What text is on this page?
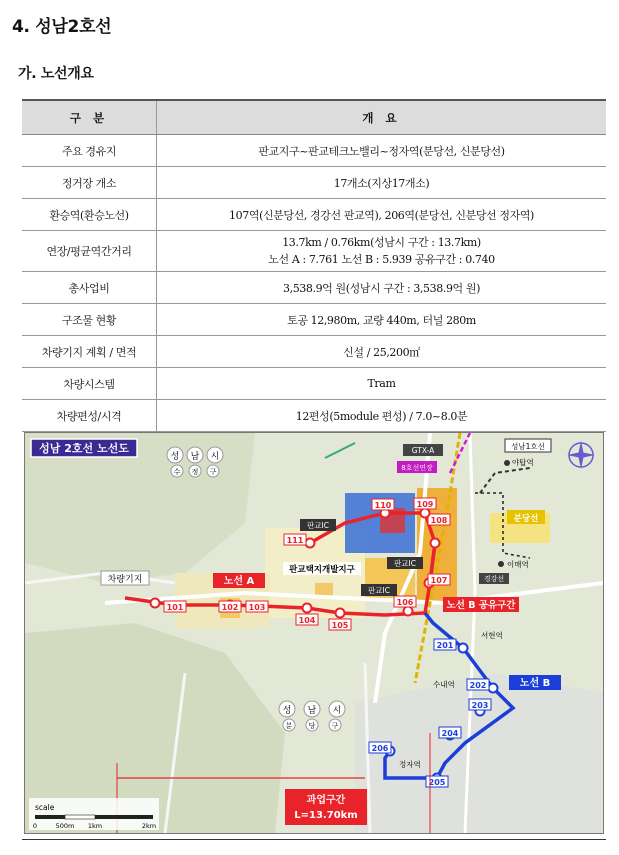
4. 성남2호선
가. 노선개요
구 분	개 요
주요 경유지	판교지구~판교테크노밸리~정자역(분당선, 신분당선)

정거장 개소	17개소(지상17개소)

환승역(환승노선)	107역(신분당선, 경강선 판교역), 206역(분당선, 신분당선 정자역)

연장/평균역간거리	13.7km / 0.76km(성남시 구간 : 13.7km)
노선 A : 7.761 노선 B : 5.939 공유구간 : 0.740

총사업비	3,538.9억 원(성남시 구간 : 3,538.9억 원)

구조물 현황	토공 12,980m, 교량 440m, 터널 280m

차량기지 계획 / 면적	신설 / 25,200㎡

차량시스템	Tram

차량편성/시격	12편성(5module 편성) / 7.0~8.0분
101	102 103
104
105
106
107
108
109
110
111
201
202
203
204
205
206
성남 2호선 노선도
성 남 시
수 정 구
성 남 시
분 당 구
차량기지	노선 A
노선 B 공유구간
노선 B
판교택지개발지구
판교IC
판교IC
판교IC
GTX-A
8호선연장
성남1호선
분당선
야탑역
이매역
경강선
서현역
수내역
정자역
과업구간
L=13.70km
scale
0	500m 1km	2km
